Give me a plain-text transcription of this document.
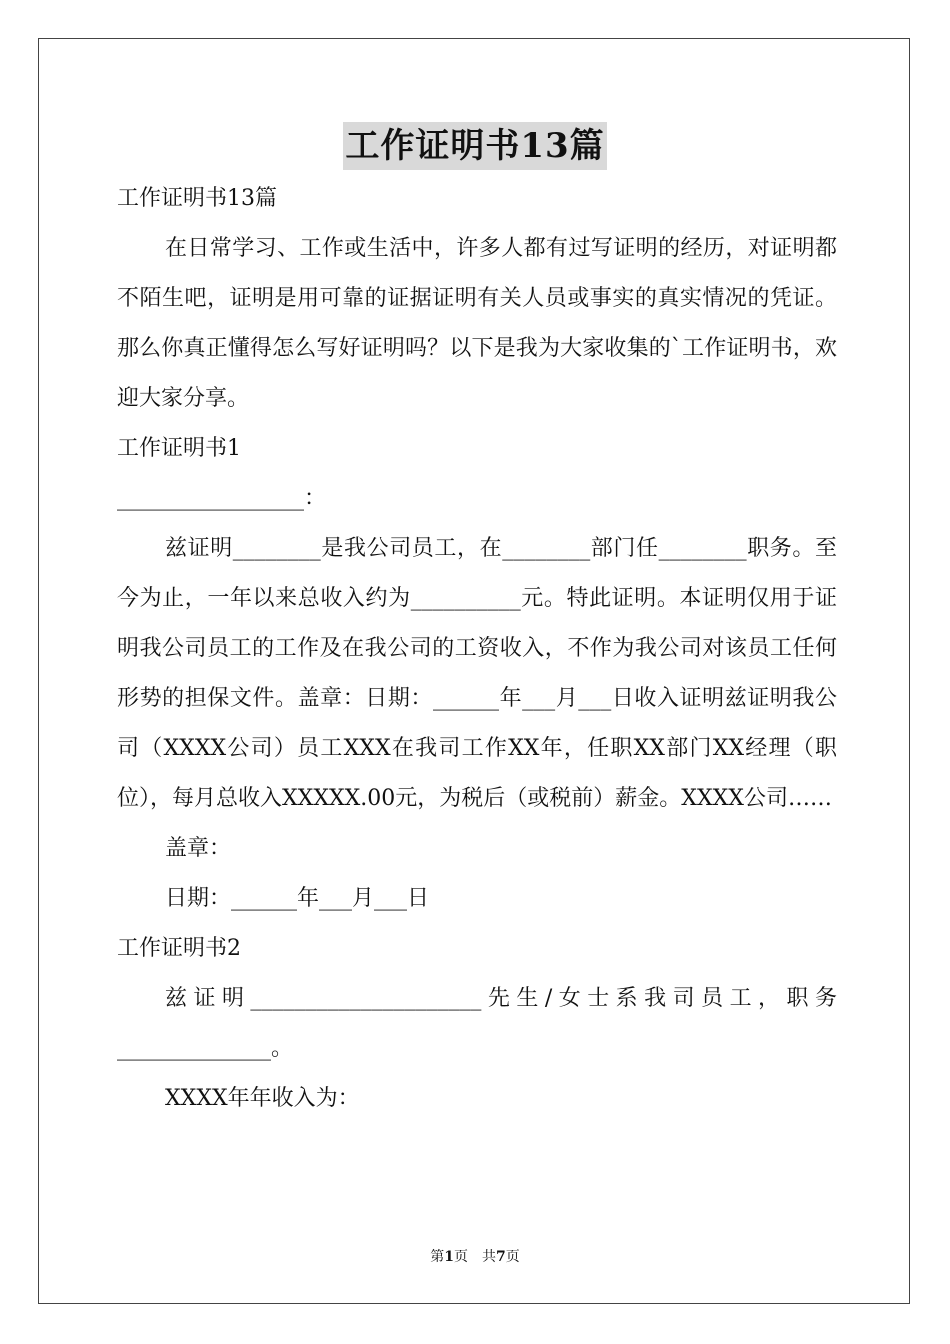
工作证明书13篇

工作证明书13篇

在日常学习、工作或生活中，许多人都有过写证明的经历，对证明都不陌生吧，证明是用可靠的证据证明有关人员或事实的真实情况的凭证。那么你真正懂得怎么写好证明吗？以下是我为大家收集的`工作证明书，欢迎大家分享。

工作证明书1

_________________：

兹证明________是我公司员工，在________部门任________职务。至今为止，一年以来总收入约为__________元。特此证明。本证明仅用于证明我公司员工的工作及在我公司的工资收入，不作为我公司对该员工任何形势的担保文件。盖章：日期：______年___月___日收入证明兹证明我公司（XXXX公司）员工XXX在我司工作XX年，任职XX部门XX经理（职位），每月总收入XXXXX.00元，为税后（或税前）薪金。XXXX公司……

盖章：

日期：______年___月___日

工作证明书2

兹证明_____________________先生/女士系我司员工，职务______________。

XXXX年年收入为：

第1页　共7页
